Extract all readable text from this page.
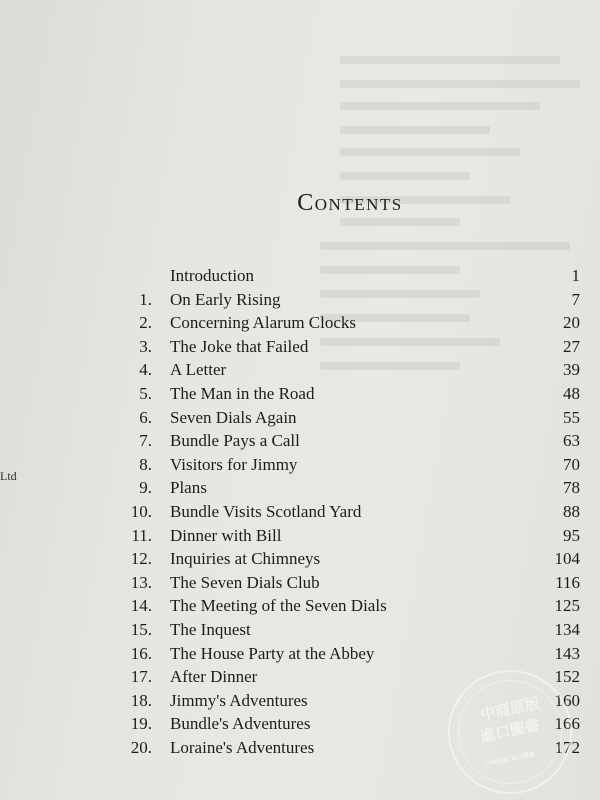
Ltd
Contents
Introduction	1
1. On Early Rising	7
2. Concerning Alarum Clocks	20
3. The Joke that Failed	27
4. A Letter	39
5. The Man in the Road	48
6. Seven Dials Again	55
7. Bundle Pays a Call	63
8. Visitors for Jimmy	70
9. Plans	78
10. Bundle Visits Scotland Yard	88
11. Dinner with Bill	95
12. Inquiries at Chimneys	104
13. The Seven Dials Club	116
14. The Meeting of the Seven Dials	125
15. The Inquest	134
16. The House Party at the Abbey	143
17. After Dinner	152
18. Jimmy's Adventures	160
19. Bundle's Adventures	166
20. Loraine's Adventures	172
中商原版
進口圖書
中商原版 進口圖書
